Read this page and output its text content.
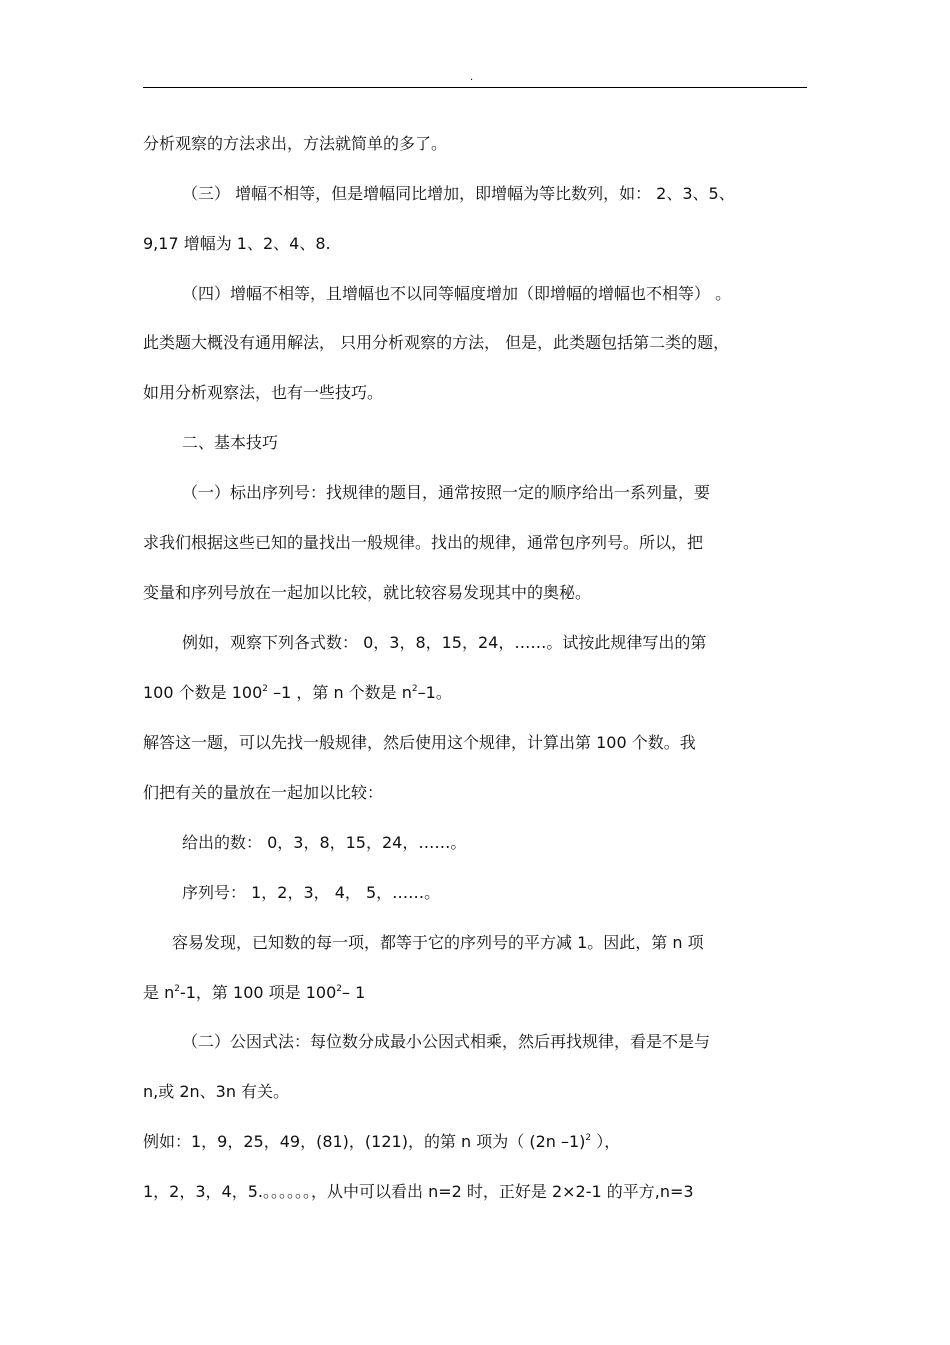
.
分析观察的方法求出，方法就简单的多了。
（三） 增幅不相等，但是增幅同比增加，即增幅为等比数列，如： 2、3、5、
9,17 增幅为 1、2、4、8.
（四）增幅不相等，且增幅也不以同等幅度增加（即增幅的增幅也不相等） 。
此类题大概没有通用解法， 只用分析观察的方法， 但是，此类题包括第二类的题，
如用分析观察法，也有一些技巧。
二、基本技巧
（一）标出序列号：找规律的题目，通常按照一定的顺序给出一系列量，要
求我们根据这些已知的量找出一般规律。找出的规律，通常包序列号。所以，把
变量和序列号放在一起加以比较，就比较容易发现其中的奥秘。
例如，观察下列各式数： 0，3，8，15，24，……。试按此规律写出的第
100 个数是 $100^2$ –1 ，第 n 个数是 $n^2-1$。
解答这一题，可以先找一般规律，然后使用这个规律，计算出第 100 个数。我
们把有关的量放在一起加以比较：
给出的数： 0，3，8，15，24，……。
序列号： 1，2，3， 4， 5，……。
容易发现，已知数的每一项，都等于它的序列号的平方减 1。因此，第 n 项
是 $n^2-1$，第 100 项是 $100^2-$ 1
（二）公因式法：每位数分成最小公因式相乘，然后再找规律，看是不是与
n,或 2n、3n 有关。
例如：1，9，25，49，(81)，(121)，的第 n 项为（ (2n –1)$^2$ ），
1，2，3，4，5.。。。。。。，从中可以看出 n=2 时，正好是 2×2-1 的平方,n=3
